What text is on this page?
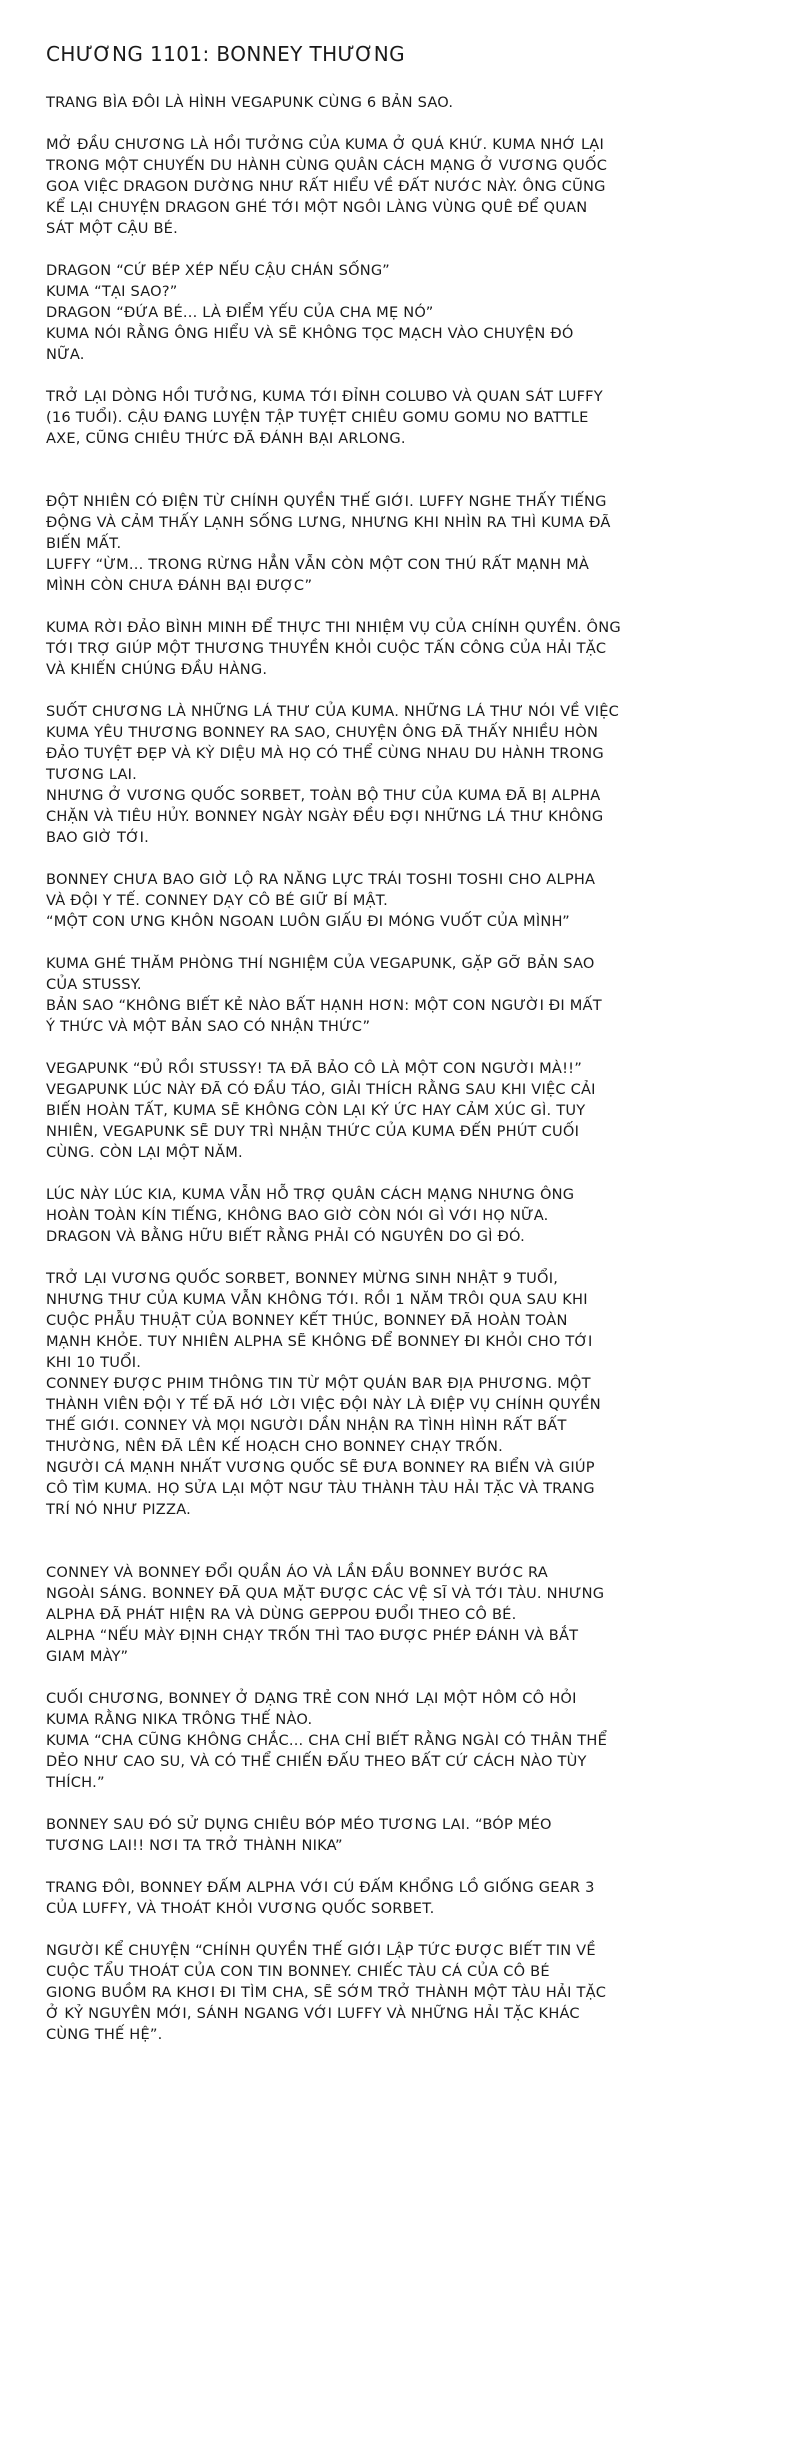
CHƯƠNG 1101: BONNEY THƯƠNG

TRANG BÌA ĐÔI LÀ HÌNH VEGAPUNK CÙNG 6 BẢN SAO.

MỞ ĐẦU CHƯƠNG LÀ HỒI TƯỞNG CỦA KUMA Ở QUÁ KHỨ. KUMA NHỚ LẠI
TRONG MỘT CHUYẾN DU HÀNH CÙNG QUÂN CÁCH MẠNG Ở VƯƠNG QUỐC
GOA VIỆC DRAGON DƯỜNG NHƯ RẤT HIỂU VỀ ĐẤT NƯỚC NÀY. ÔNG CŨNG
KỂ LẠI CHUYỆN DRAGON GHÉ TỚI MỘT NGÔI LÀNG VÙNG QUÊ ĐỂ QUAN
SÁT MỘT CẬU BÉ.

DRAGON “CỨ BÉP XÉP NẾU CẬU CHÁN SỐNG”
KUMA “TẠI SAO?”
DRAGON “ĐỨA BÉ... LÀ ĐIỂM YẾU CỦA CHA MẸ NÓ”
KUMA NÓI RẰNG ÔNG HIỂU VÀ SẼ KHÔNG TỌC MẠCH VÀO CHUYỆN ĐÓ
NỮA.

TRỞ LẠI DÒNG HỒI TƯỞNG, KUMA TỚI ĐỈNH COLUBO VÀ QUAN SÁT LUFFY
(16 TUỔI). CẬU ĐANG LUYỆN TẬP TUYỆT CHIÊU GOMU GOMU NO BATTLE
AXE, CŨNG CHIÊU THỨC ĐÃ ĐÁNH BẠI ARLONG.

ĐỘT NHIÊN CÓ ĐIỆN TỪ CHÍNH QUYỀN THẾ GIỚI. LUFFY NGHE THẤY TIẾNG
ĐỘNG VÀ CẢM THẤY LẠNH SỐNG LƯNG, NHƯNG KHI NHÌN RA THÌ KUMA ĐÃ
BIẾN MẤT.
LUFFY “ỪM... TRONG RỪNG HẲN VẪN CÒN MỘT CON THÚ RẤT MẠNH MÀ
MÌNH CÒN CHƯA ĐÁNH BẠI ĐƯỢC”

KUMA RỜI ĐẢO BÌNH MINH ĐỂ THỰC THI NHIỆM VỤ CỦA CHÍNH QUYỀN. ÔNG
TỚI TRỢ GIÚP MỘT THƯƠNG THUYỀN KHỎI CUỘC TẤN CÔNG CỦA HẢI TẶC
VÀ KHIẾN CHÚNG ĐẦU HÀNG.

SUỐT CHƯƠNG LÀ NHỮNG LÁ THƯ CỦA KUMA. NHỮNG LÁ THƯ NÓI VỀ VIỆC
KUMA YÊU THƯƠNG BONNEY RA SAO, CHUYỆN ÔNG ĐÃ THẤY NHIỀU HÒN
ĐẢO TUYỆT ĐẸP VÀ KỲ DIỆU MÀ HỌ CÓ THỂ CÙNG NHAU DU HÀNH TRONG
TƯƠNG LAI.
NHƯNG Ở VƯƠNG QUỐC SORBET, TOÀN BỘ THƯ CỦA KUMA ĐÃ BỊ ALPHA
CHẶN VÀ TIÊU HỦY. BONNEY NGÀY NGÀY ĐỀU ĐỢI NHỮNG LÁ THƯ KHÔNG
BAO GIỜ TỚI.

BONNEY CHƯA BAO GIỜ LỘ RA NĂNG LỰC TRÁI TOSHI TOSHI CHO ALPHA
VÀ ĐỘI Y TẾ. CONNEY DẠY CÔ BÉ GIỮ BÍ MẬT.
“MỘT CON ƯNG KHÔN NGOAN LUÔN GIẤU ĐI MÓNG VUỐT CỦA MÌNH”

KUMA GHÉ THĂM PHÒNG THÍ NGHIỆM CỦA VEGAPUNK, GẶP GỠ BẢN SAO
CỦA STUSSY.
BẢN SAO “KHÔNG BIẾT KẺ NÀO BẤT HẠNH HƠN: MỘT CON NGƯỜI ĐI MẤT
Ý THỨC VÀ MỘT BẢN SAO CÓ NHẬN THỨC”

VEGAPUNK “ĐỦ RỒI STUSSY! TA ĐÃ BẢO CÔ LÀ MỘT CON NGƯỜI MÀ!!”
VEGAPUNK LÚC NÀY ĐÃ CÓ ĐẦU TÁO, GIẢI THÍCH RẰNG SAU KHI VIỆC CẢI
BIẾN HOÀN TẤT, KUMA SẼ KHÔNG CÒN LẠI KÝ ỨC HAY CẢM XÚC GÌ. TUY
NHIÊN, VEGAPUNK SẼ DUY TRÌ NHẬN THỨC CỦA KUMA ĐẾN PHÚT CUỐI
CÙNG. CÒN LẠI MỘT NĂM.

LÚC NÀY LÚC KIA, KUMA VẪN HỖ TRỢ QUÂN CÁCH MẠNG NHƯNG ÔNG
HOÀN TOÀN KÍN TIẾNG, KHÔNG BAO GIỜ CÒN NÓI GÌ VỚI HỌ NỮA.
DRAGON VÀ BẰNG HỮU BIẾT RẰNG PHẢI CÓ NGUYÊN DO GÌ ĐÓ.

TRỞ LẠI VƯƠNG QUỐC SORBET, BONNEY MỪNG SINH NHẬT 9 TUỔI,
NHƯNG THƯ CỦA KUMA VẪN KHÔNG TỚI. RỒI 1 NĂM TRÔI QUA SAU KHI
CUỘC PHẪU THUẬT CỦA BONNEY KẾT THÚC, BONNEY ĐÃ HOÀN TOÀN
MẠNH KHỎE. TUY NHIÊN ALPHA SẼ KHÔNG ĐỂ BONNEY ĐI KHỎI CHO TỚI
KHI 10 TUỔI.
CONNEY ĐƯỢC PHIM THÔNG TIN TỪ MỘT QUÁN BAR ĐỊA PHƯƠNG. MỘT
THÀNH VIÊN ĐỘI Y TẾ ĐÃ HỚ LỜI VIỆC ĐỘI NÀY LÀ ĐIỆP VỤ CHÍNH QUYỀN
THẾ GIỚI. CONNEY VÀ MỌI NGƯỜI DẦN NHẬN RA TÌNH HÌNH RẤT BẤT
THƯỜNG, NÊN ĐÃ LÊN KẾ HOẠCH CHO BONNEY CHẠY TRỐN.
NGƯỜI CÁ MẠNH NHẤT VƯƠNG QUỐC SẼ ĐƯA BONNEY RA BIỂN VÀ GIÚP
CÔ TÌM KUMA. HỌ SỬA LẠI MỘT NGƯ TÀU THÀNH TÀU HẢI TẶC VÀ TRANG
TRÍ NÓ NHƯ PIZZA.

CONNEY VÀ BONNEY ĐỔI QUẦN ÁO VÀ LẦN ĐẦU BONNEY BƯỚC RA
NGOÀI SÁNG. BONNEY ĐÃ QUA MẶT ĐƯỢC CÁC VỆ SĨ VÀ TỚI TÀU. NHƯNG
ALPHA ĐÃ PHÁT HIỆN RA VÀ DÙNG GEPPOU ĐUỔI THEO CÔ BÉ.
ALPHA “NẾU MÀY ĐỊNH CHẠY TRỐN THÌ TAO ĐƯỢC PHÉP ĐÁNH VÀ BẮT
GIAM MÀY”

CUỐI CHƯƠNG, BONNEY Ở DẠNG TRẺ CON NHỚ LẠI MỘT HÔM CÔ HỎI
KUMA RẰNG NIKA TRÔNG THẾ NÀO.
KUMA “CHA CŨNG KHÔNG CHẮC... CHA CHỈ BIẾT RẰNG NGÀI CÓ THÂN THỂ
DẺO NHƯ CAO SU, VÀ CÓ THỂ CHIẾN ĐẤU THEO BẤT CỨ CÁCH NÀO TÙY
THÍCH.”

BONNEY SAU ĐÓ SỬ DỤNG CHIÊU BÓP MÉO TƯƠNG LAI. “BÓP MÉO
TƯƠNG LAI!! NƠI TA TRỞ THÀNH NIKA”

TRANG ĐÔI, BONNEY ĐẤM ALPHA VỚI CÚ ĐẤM KHỔNG LỒ GIỐNG GEAR 3
CỦA LUFFY, VÀ THOÁT KHỎI VƯƠNG QUỐC SORBET.

NGƯỜI KỂ CHUYỆN “CHÍNH QUYỀN THẾ GIỚI LẬP TỨC ĐƯỢC BIẾT TIN VỀ
CUỘC TẨU THOÁT CỦA CON TIN BONNEY. CHIẾC TÀU CÁ CỦA CÔ BÉ
GIONG BUỒM RA KHƠI ĐI TÌM CHA, SẼ SỚM TRỞ THÀNH MỘT TÀU HẢI TẶC
Ở KỶ NGUYÊN MỚI, SÁNH NGANG VỚI LUFFY VÀ NHỮNG HẢI TẶC KHÁC
CÙNG THẾ HỆ”.
